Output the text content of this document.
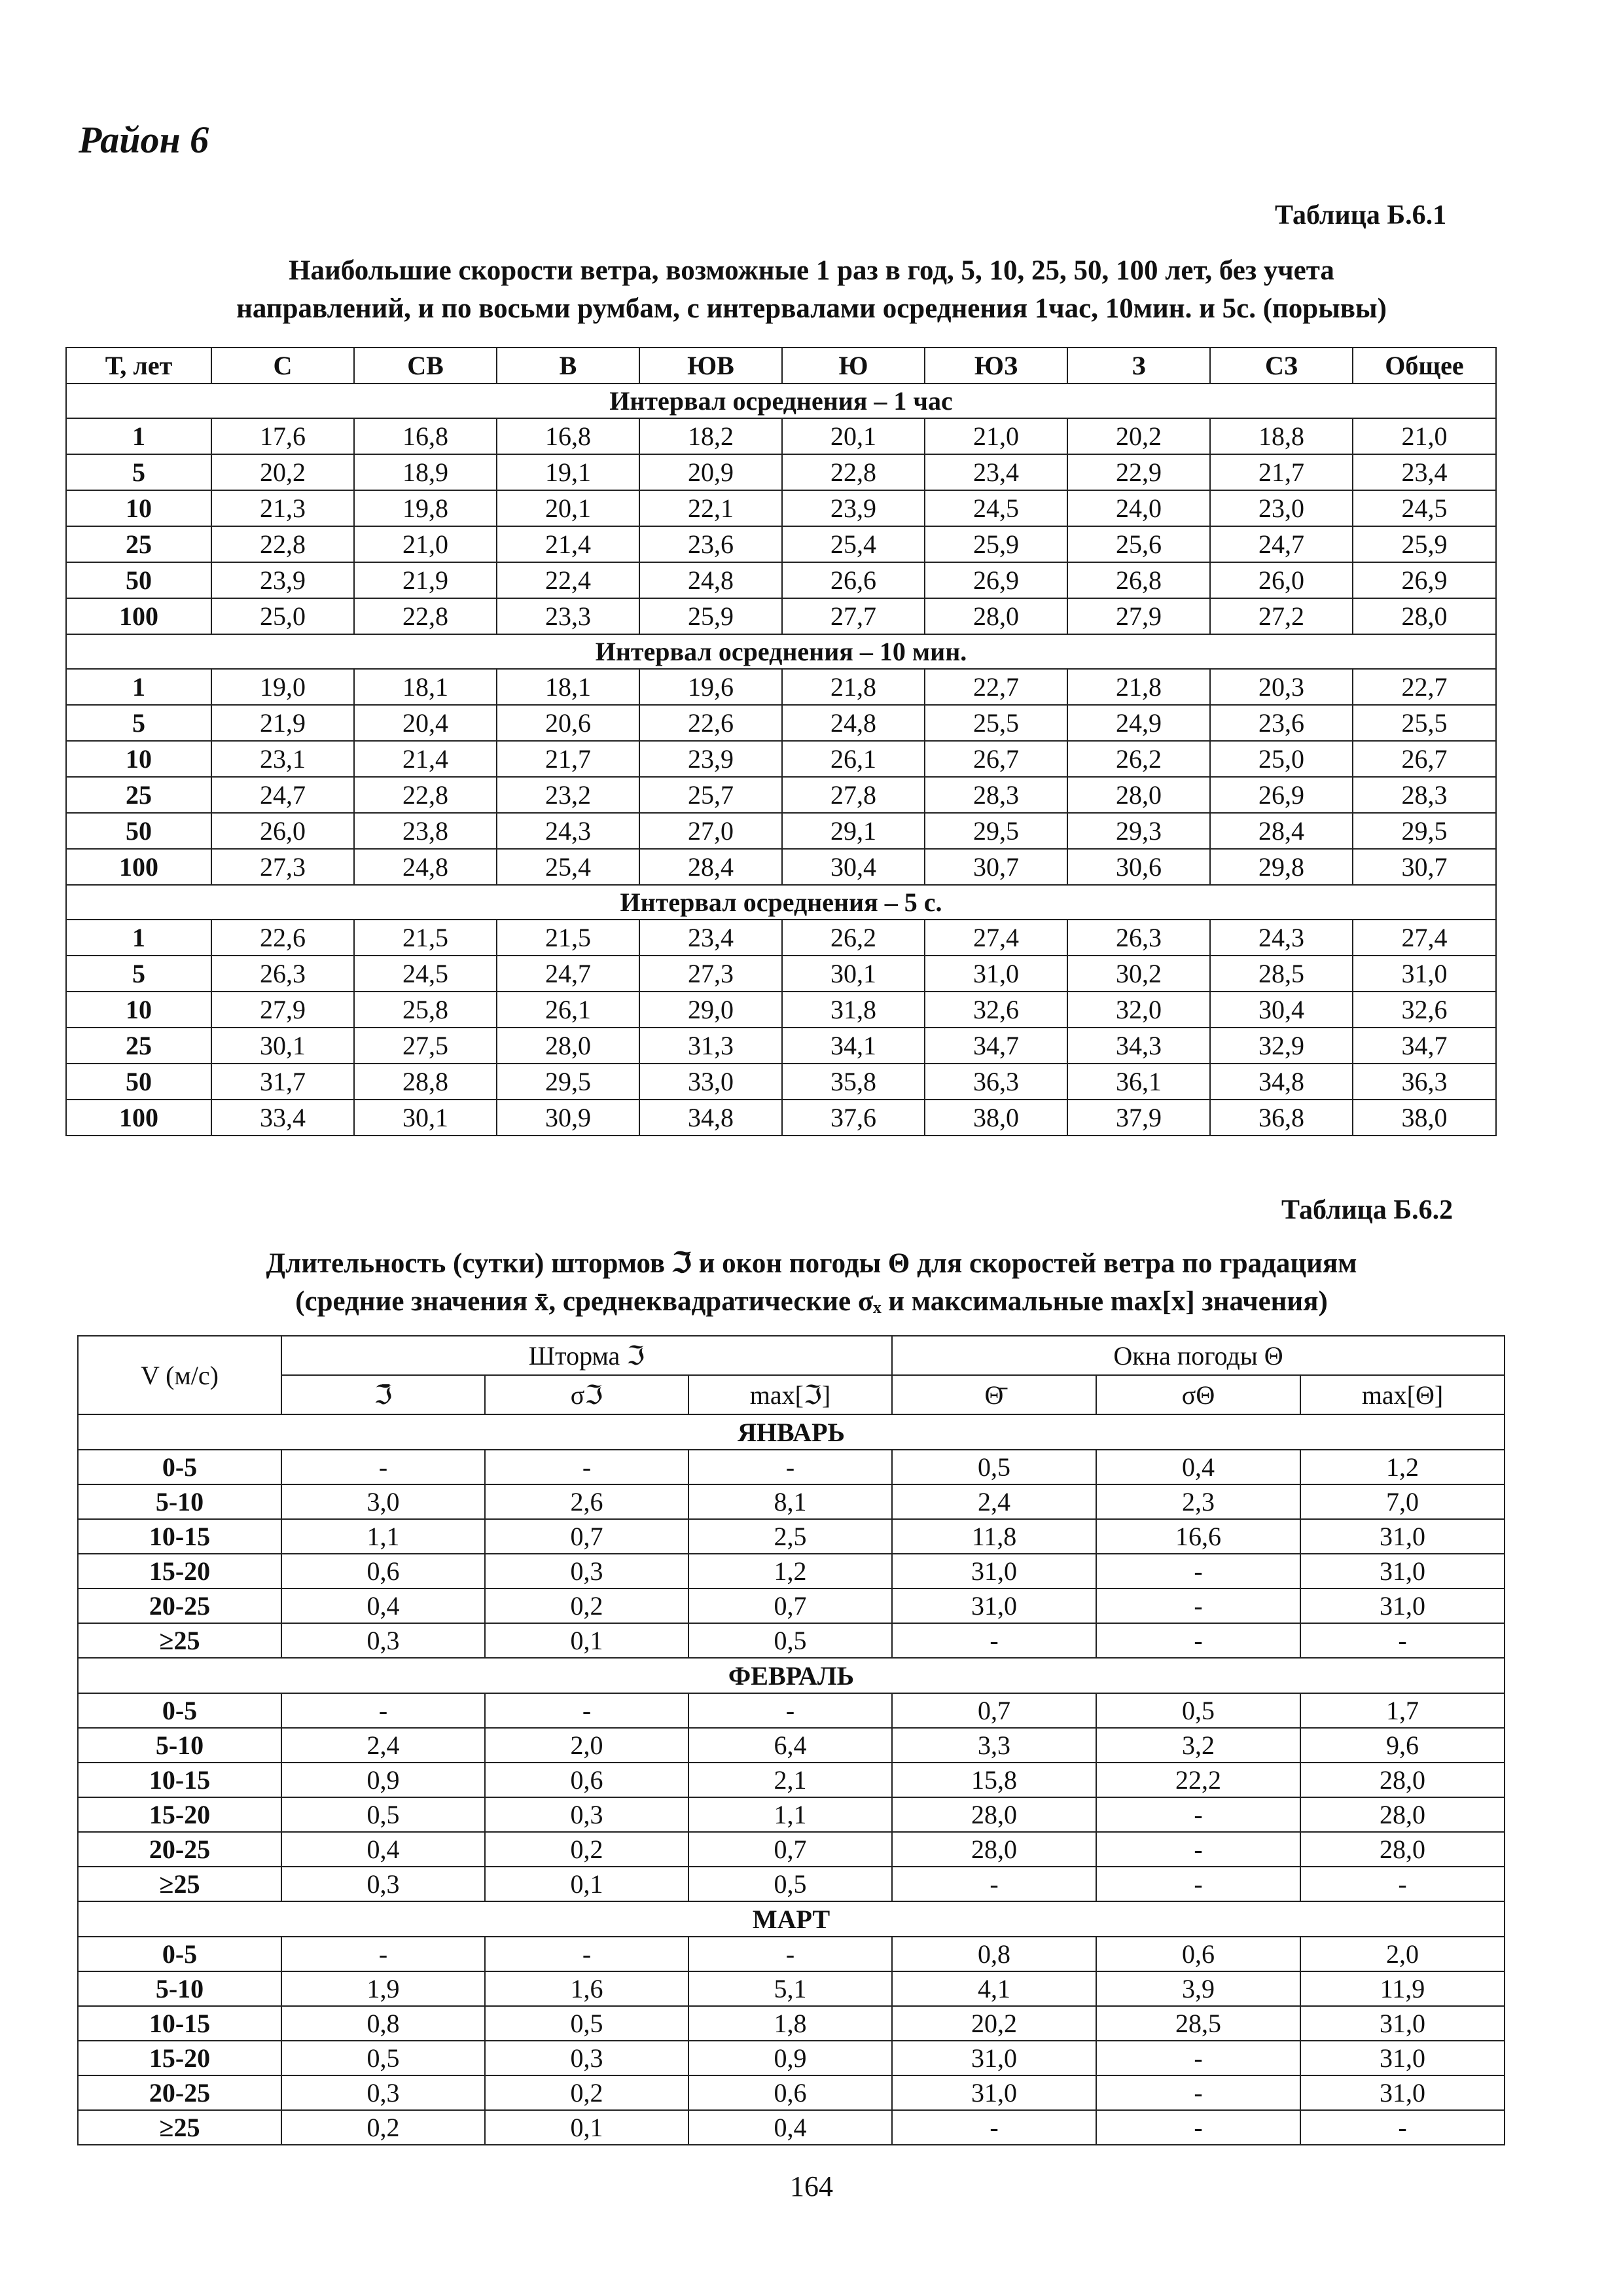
Район 6
Таблица Б.6.1
Наибольшие скорости ветра, возможные 1 раз в год, 5, 10, 25, 50, 100 лет, без учета
направлений, и по восьми румбам, с интервалами осреднения 1час, 10мин. и 5с. (порывы)
Т, лет	С	СВ	В	ЮВ	Ю	ЮЗ	З	СЗ	Общее
Интервал осреднения – 1 час									
1	17,6	16,8	16,8	18,2	20,1	21,0	20,2	18,8	21,0
5	20,2	18,9	19,1	20,9	22,8	23,4	22,9	21,7	23,4
10	21,3	19,8	20,1	22,1	23,9	24,5	24,0	23,0	24,5
25	22,8	21,0	21,4	23,6	25,4	25,9	25,6	24,7	25,9
50	23,9	21,9	22,4	24,8	26,6	26,9	26,8	26,0	26,9
100	25,0	22,8	23,3	25,9	27,7	28,0	27,9	27,2	28,0
Интервал осреднения – 10 мин.									
1	19,0	18,1	18,1	19,6	21,8	22,7	21,8	20,3	22,7
5	21,9	20,4	20,6	22,6	24,8	25,5	24,9	23,6	25,5
10	23,1	21,4	21,7	23,9	26,1	26,7	26,2	25,0	26,7
25	24,7	22,8	23,2	25,7	27,8	28,3	28,0	26,9	28,3
50	26,0	23,8	24,3	27,0	29,1	29,5	29,3	28,4	29,5
100	27,3	24,8	25,4	28,4	30,4	30,7	30,6	29,8	30,7
Интервал осреднения – 5 с.									
1	22,6	21,5	21,5	23,4	26,2	27,4	26,3	24,3	27,4
5	26,3	24,5	24,7	27,3	30,1	31,0	30,2	28,5	31,0
10	27,9	25,8	26,1	29,0	31,8	32,6	32,0	30,4	32,6
25	30,1	27,5	28,0	31,3	34,1	34,7	34,3	32,9	34,7
50	31,7	28,8	29,5	33,0	35,8	36,3	36,1	34,8	36,3
100	33,4	30,1	30,9	34,8	37,6	38,0	37,9	36,8	38,0
Таблица Б.6.2
Длительность (сутки) штормов ℑ и окон погоды Θ для скоростей ветра по градациям
(средние значения x̄, среднеквадратические σₓ и максимальные max[x] значения)
V (м/с)	Шторма ℑ			Окна погоды Θ		
	ℑ̄	σℑ	max[ℑ]	Θ̄	σΘ	max[Θ]
ЯНВАРЬ						
0-5	-	-	-	0,5	0,4	1,2
5-10	3,0	2,6	8,1	2,4	2,3	7,0
10-15	1,1	0,7	2,5	11,8	16,6	31,0
15-20	0,6	0,3	1,2	31,0	-	31,0
20-25	0,4	0,2	0,7	31,0	-	31,0
≥25	0,3	0,1	0,5	-	-	-
ФЕВРАЛЬ						
0-5	-	-	-	0,7	0,5	1,7
5-10	2,4	2,0	6,4	3,3	3,2	9,6
10-15	0,9	0,6	2,1	15,8	22,2	28,0
15-20	0,5	0,3	1,1	28,0	-	28,0
20-25	0,4	0,2	0,7	28,0	-	28,0
≥25	0,3	0,1	0,5	-	-	-
МАРТ						
0-5	-	-	-	0,8	0,6	2,0
5-10	1,9	1,6	5,1	4,1	3,9	11,9
10-15	0,8	0,5	1,8	20,2	28,5	31,0
15-20	0,5	0,3	0,9	31,0	-	31,0
20-25	0,3	0,2	0,6	31,0	-	31,0
≥25	0,2	0,1	0,4	-	-	-
164
